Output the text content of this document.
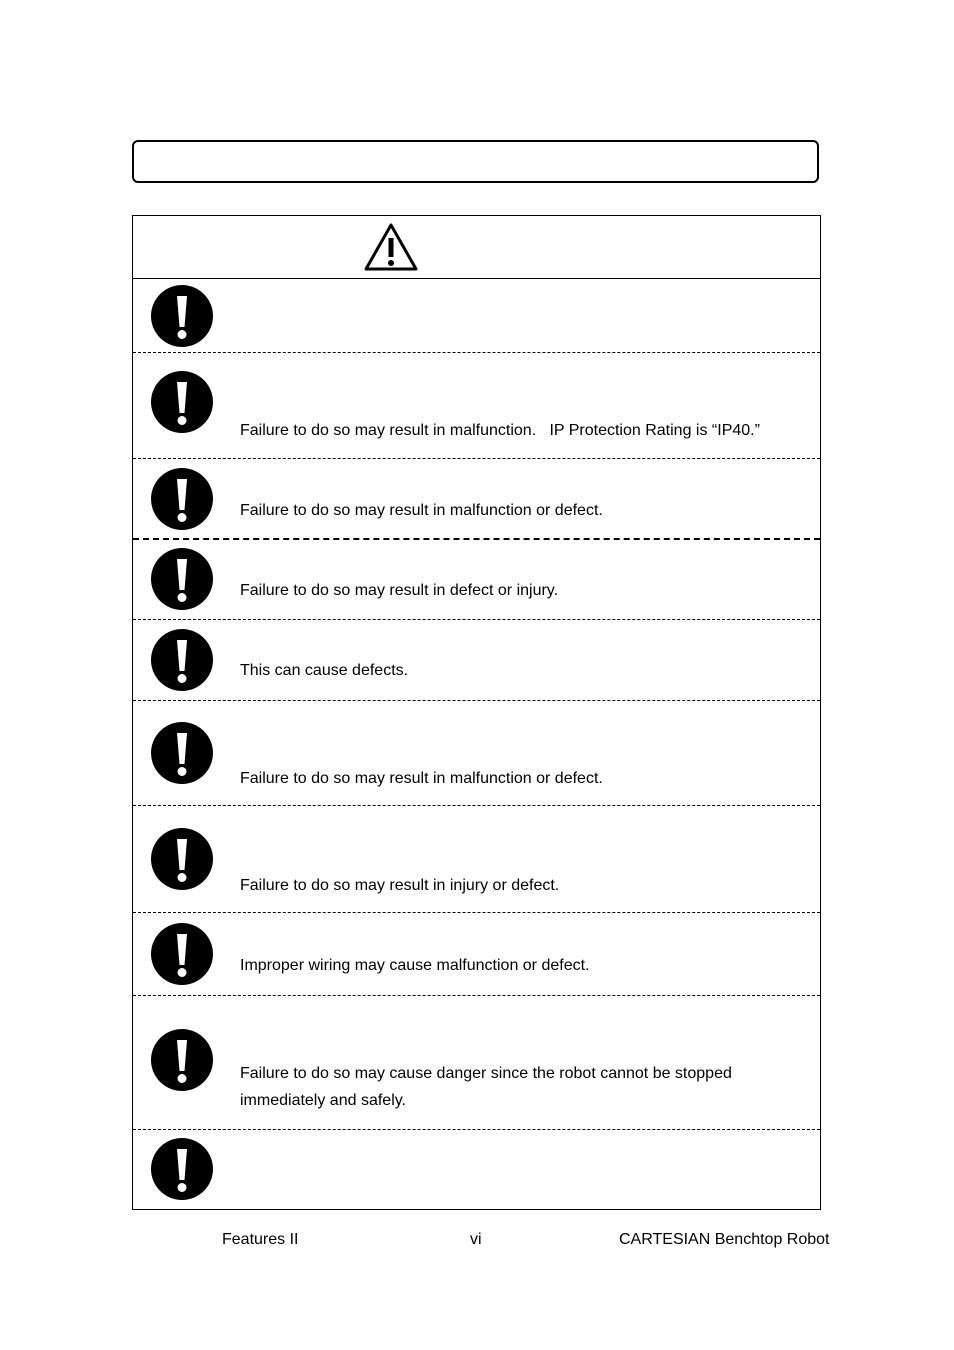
Failure to do so may result in malfunction.   IP Protection Rating is “IP40.”
Failure to do so may result in malfunction or defect.
Failure to do so may result in defect or injury.
This can cause defects.
Failure to do so may result in malfunction or defect.
Failure to do so may result in injury or defect.
Improper wiring may cause malfunction or defect.
Failure to do so may cause danger since the robot cannot be stopped immediately and safely.
Features II	vi	CARTESIAN Benchtop Robot
